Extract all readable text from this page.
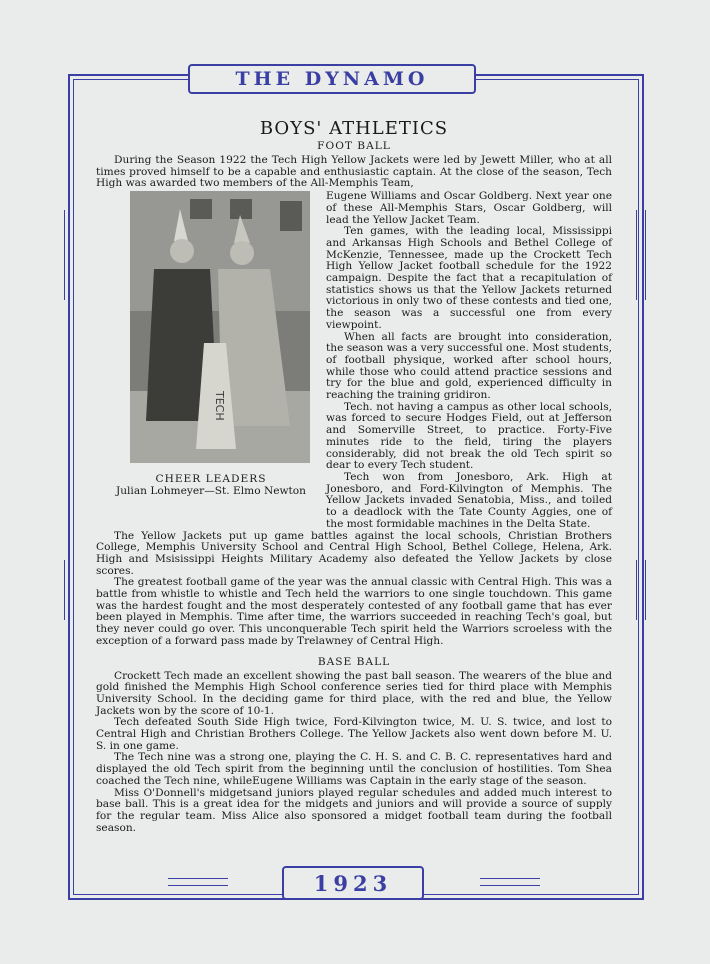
THE DYNAMO
1923
BOYS' ATHLETICS
FOOT BALL

During the Season 1922 the Tech High Yellow Jackets were led by Jewett Miller, who at all times proved himself to be a capable and enthusiastic captain. At the close of the season, Tech High was awarded two members of the All-Memphis Team,

TECH
CHEER LEADERS
Julian Lohmeyer—St. Elmo Newton

Eugene Williams and Oscar Goldberg. Next year one of these All-Memphis Stars, Oscar Goldberg, will lead the Yellow Jacket Team.

Ten games, with the leading local, Mississippi and Arkansas High Schools and Bethel College of McKenzie, Tennessee, made up the Crockett Tech High Yellow Jacket football schedule for the 1922 campaign. Despite the fact that a recapitulation of statistics shows us that the Yellow Jackets returned victorious in only two of these contests and tied one, the season was a successful one from every viewpoint.

When all facts are brought into consideration, the season was a very successful one. Most students, of football physique, worked after school hours, while those who could attend practice sessions and try for the blue and gold, experienced difficulty in reaching the training gridiron.

Tech. not having a campus as other local schools, was forced to secure Hodges Field, out at Jefferson and Somerville Street, to practice. Forty-Five minutes ride to the field, tiring the players considerably, did not break the old Tech spirit so dear to every Tech student.

Tech won from Jonesboro, Ark. High at Jonesboro, and Ford-Kilvington of Memphis. The Yellow Jackets invaded Senatobia, Miss., and toiled to a deadlock with the Tate County Aggies, one of the most formidable machines in the Delta State.

The Yellow Jackets put up game battles against the local schools, Christian Brothers College, Memphis University School and Central High School, Bethel College, Helena, Ark. High and Msisissippi Heights Military Academy also defeated the Yellow Jackets by close scores.

The greatest football game of the year was the annual classic with Central High. This was a battle from whistle to whistle and Tech held the warriors to one single touchdown. This game was the hardest fought and the most desperately contested of any football game that has ever been played in Memphis. Time after time, the warriors succeeded in reaching Tech's goal, but they never could go over. This unconquerable Tech spirit held the Warriors scroeless with the exception of a forward pass made by Trelawney of Central High.

BASE BALL

Crockett Tech made an excellent showing the past ball season. The wearers of the blue and gold finished the Memphis High School conference series tied for third place with Memphis University School. In the deciding game for third place, with the red and blue, the Yellow Jackets won by the score of 10-1.

Tech defeated South Side High twice, Ford-Kilvington twice, M. U. S. twice, and lost to Central High and Christian Brothers College. The Yellow Jackets also went down before M. U. S. in one game.

The Tech nine was a strong one, playing the C. H. S. and C. B. C. representatives hard and displayed the old Tech spirit from the beginning until the conclusion of hostilities. Tom Shea coached the Tech nine, whileEugene Williams was Captain in the early stage of the season.

Miss O'Donnell's midgetsand juniors played regular schedules and added much interest to base ball. This is a great idea for the midgets and juniors and will provide a source of supply for the regular team. Miss Alice also sponsored a midget football team during the football season.
